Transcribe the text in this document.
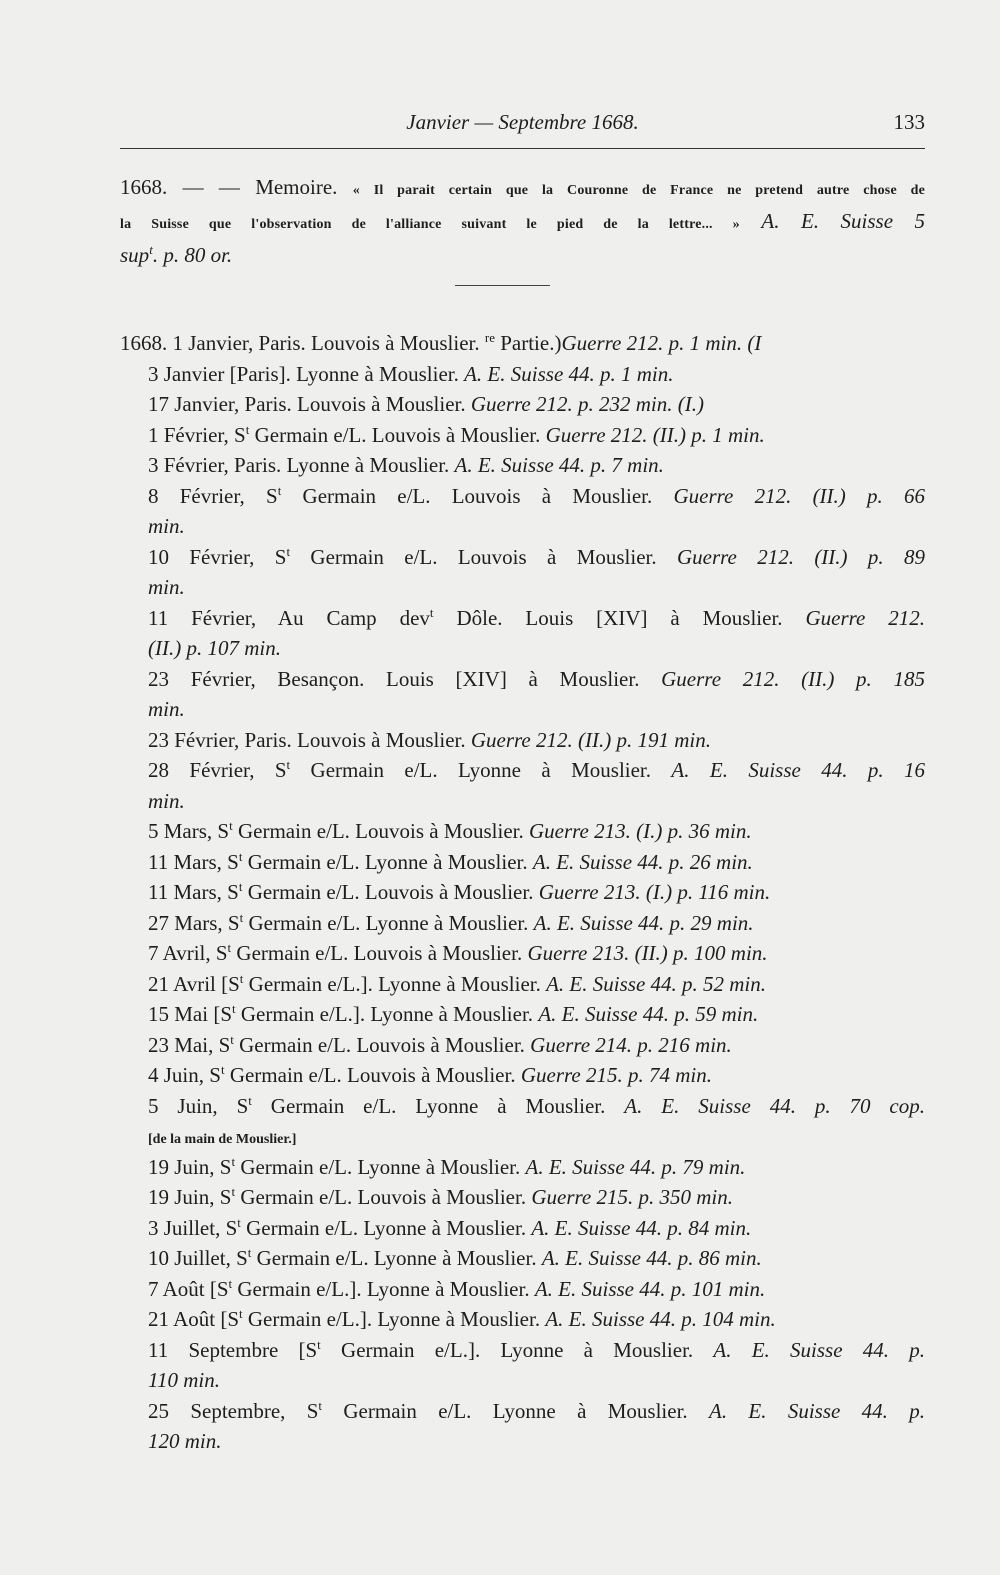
Janvier — Septembre 1668.	133
1668. — — Memoire. « Il parait certain que la Couronne de France ne pretend autre chose de
la Suisse que l'observation de l'alliance suivant le pied de la lettre... » A. E. Suisse 5
sup$^t$. p. 80 or.
1668. 1 Janvier, Paris. Louvois à Mouslier. $^{re}$ Partie.)Guerre 212. p. 1 min. (I
3 Janvier [Paris]. Lyonne à Mouslier. A. E. Suisse 44. p. 1 min.
17 Janvier, Paris. Louvois à Mouslier. Guerre 212. p. 232 min. (I.)
1 Février, $S^t$ Germain e/L. Louvois à Mouslier. Guerre 212. (II.) p. 1 min.
3 Février, Paris. Lyonne à Mouslier. A. E. Suisse 44. p. 7 min.
8 Février, $S^t$ Germain e/L. Louvois à Mouslier. Guerre 212. (II.) p. 66
min.
10 Février, $S^t$ Germain e/L. Louvois à Mouslier. Guerre 212. (II.) p. 89
min.
11 Février, Au Camp dev$^t$ Dôle. Louis [XIV] à Mouslier. Guerre 212.
(II.) p. 107 min.
23 Février, Besançon. Louis [XIV] à Mouslier. Guerre 212. (II.) p. 185
min.
23 Février, Paris. Louvois à Mouslier. Guerre 212. (II.) p. 191 min.
28 Février, $S^t$ Germain e/L. Lyonne à Mouslier. A. E. Suisse 44. p. 16
min.
5 Mars, $S^t$ Germain e/L. Louvois à Mouslier. Guerre 213. (I.) p. 36 min.
11 Mars, $S^t$ Germain e/L. Lyonne à Mouslier. A. E. Suisse 44. p. 26 min.
11 Mars, $S^t$ Germain e/L. Louvois à Mouslier. Guerre 213. (I.) p. 116 min.
27 Mars, $S^t$ Germain e/L. Lyonne à Mouslier. A. E. Suisse 44. p. 29 min.
7 Avril, $S^t$ Germain e/L. Louvois à Mouslier. Guerre 213. (II.) p. 100 min.
21 Avril [$S^t$ Germain e/L.]. Lyonne à Mouslier. A. E. Suisse 44. p. 52 min.
15 Mai [$S^t$ Germain e/L.]. Lyonne à Mouslier. A. E. Suisse 44. p. 59 min.
23 Mai, $S^t$ Germain e/L. Louvois à Mouslier. Guerre 214. p. 216 min.
4 Juin, $S^t$ Germain e/L. Louvois à Mouslier. Guerre 215. p. 74 min.
5 Juin, $S^t$ Germain e/L. Lyonne à Mouslier. A. E. Suisse 44. p. 70 cop.
[de la main de Mouslier.]
19 Juin, $S^t$ Germain e/L. Lyonne à Mouslier. A. E. Suisse 44. p. 79 min.
19 Juin, $S^t$ Germain e/L. Louvois à Mouslier. Guerre 215. p. 350 min.
3 Juillet, $S^t$ Germain e/L. Lyonne à Mouslier. A. E. Suisse 44. p. 84 min.
10 Juillet, $S^t$ Germain e/L. Lyonne à Mouslier. A. E. Suisse 44. p. 86 min.
7 Août [$S^t$ Germain e/L.]. Lyonne à Mouslier. A. E. Suisse 44. p. 101 min.
21 Août [$S^t$ Germain e/L.]. Lyonne à Mouslier. A. E. Suisse 44. p. 104 min.
11 Septembre [$S^t$ Germain e/L.]. Lyonne à Mouslier. A. E. Suisse 44. p.
110 min.
25 Septembre, $S^t$ Germain e/L. Lyonne à Mouslier. A. E. Suisse 44. p.
120 min.
